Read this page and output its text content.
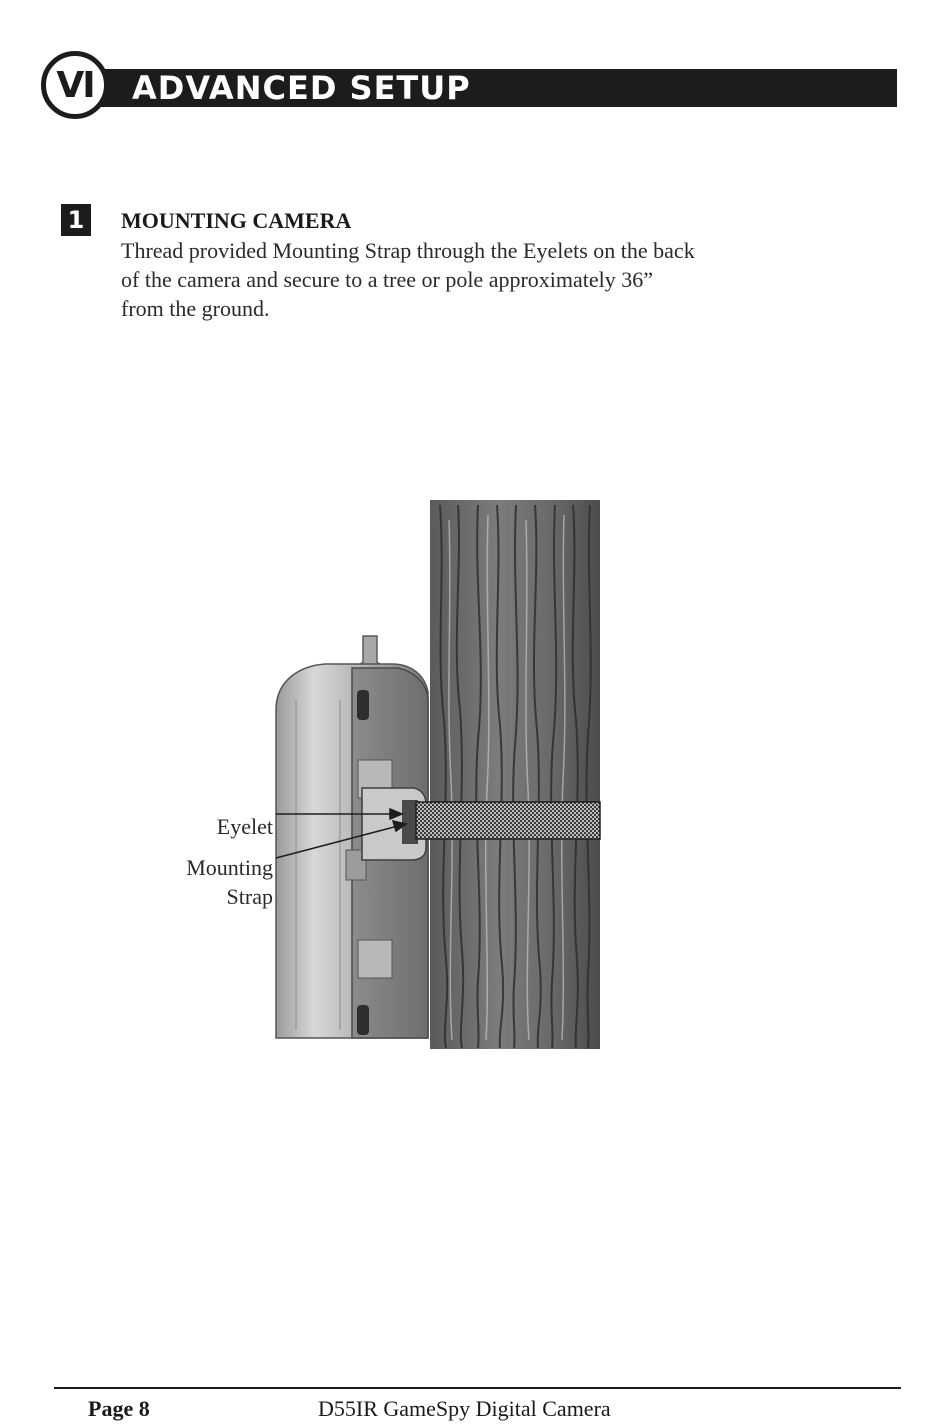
ADVANCED SETUP
VI
1	MOUNTING CAMERA

Thread provided Mounting Strap through the Eyelets on the back of the camera and secure to a tree or pole approximately 36” from the ground.

Eyelet
Mounting
Strap

Page 8	D55IR GameSpy Digital Camera
